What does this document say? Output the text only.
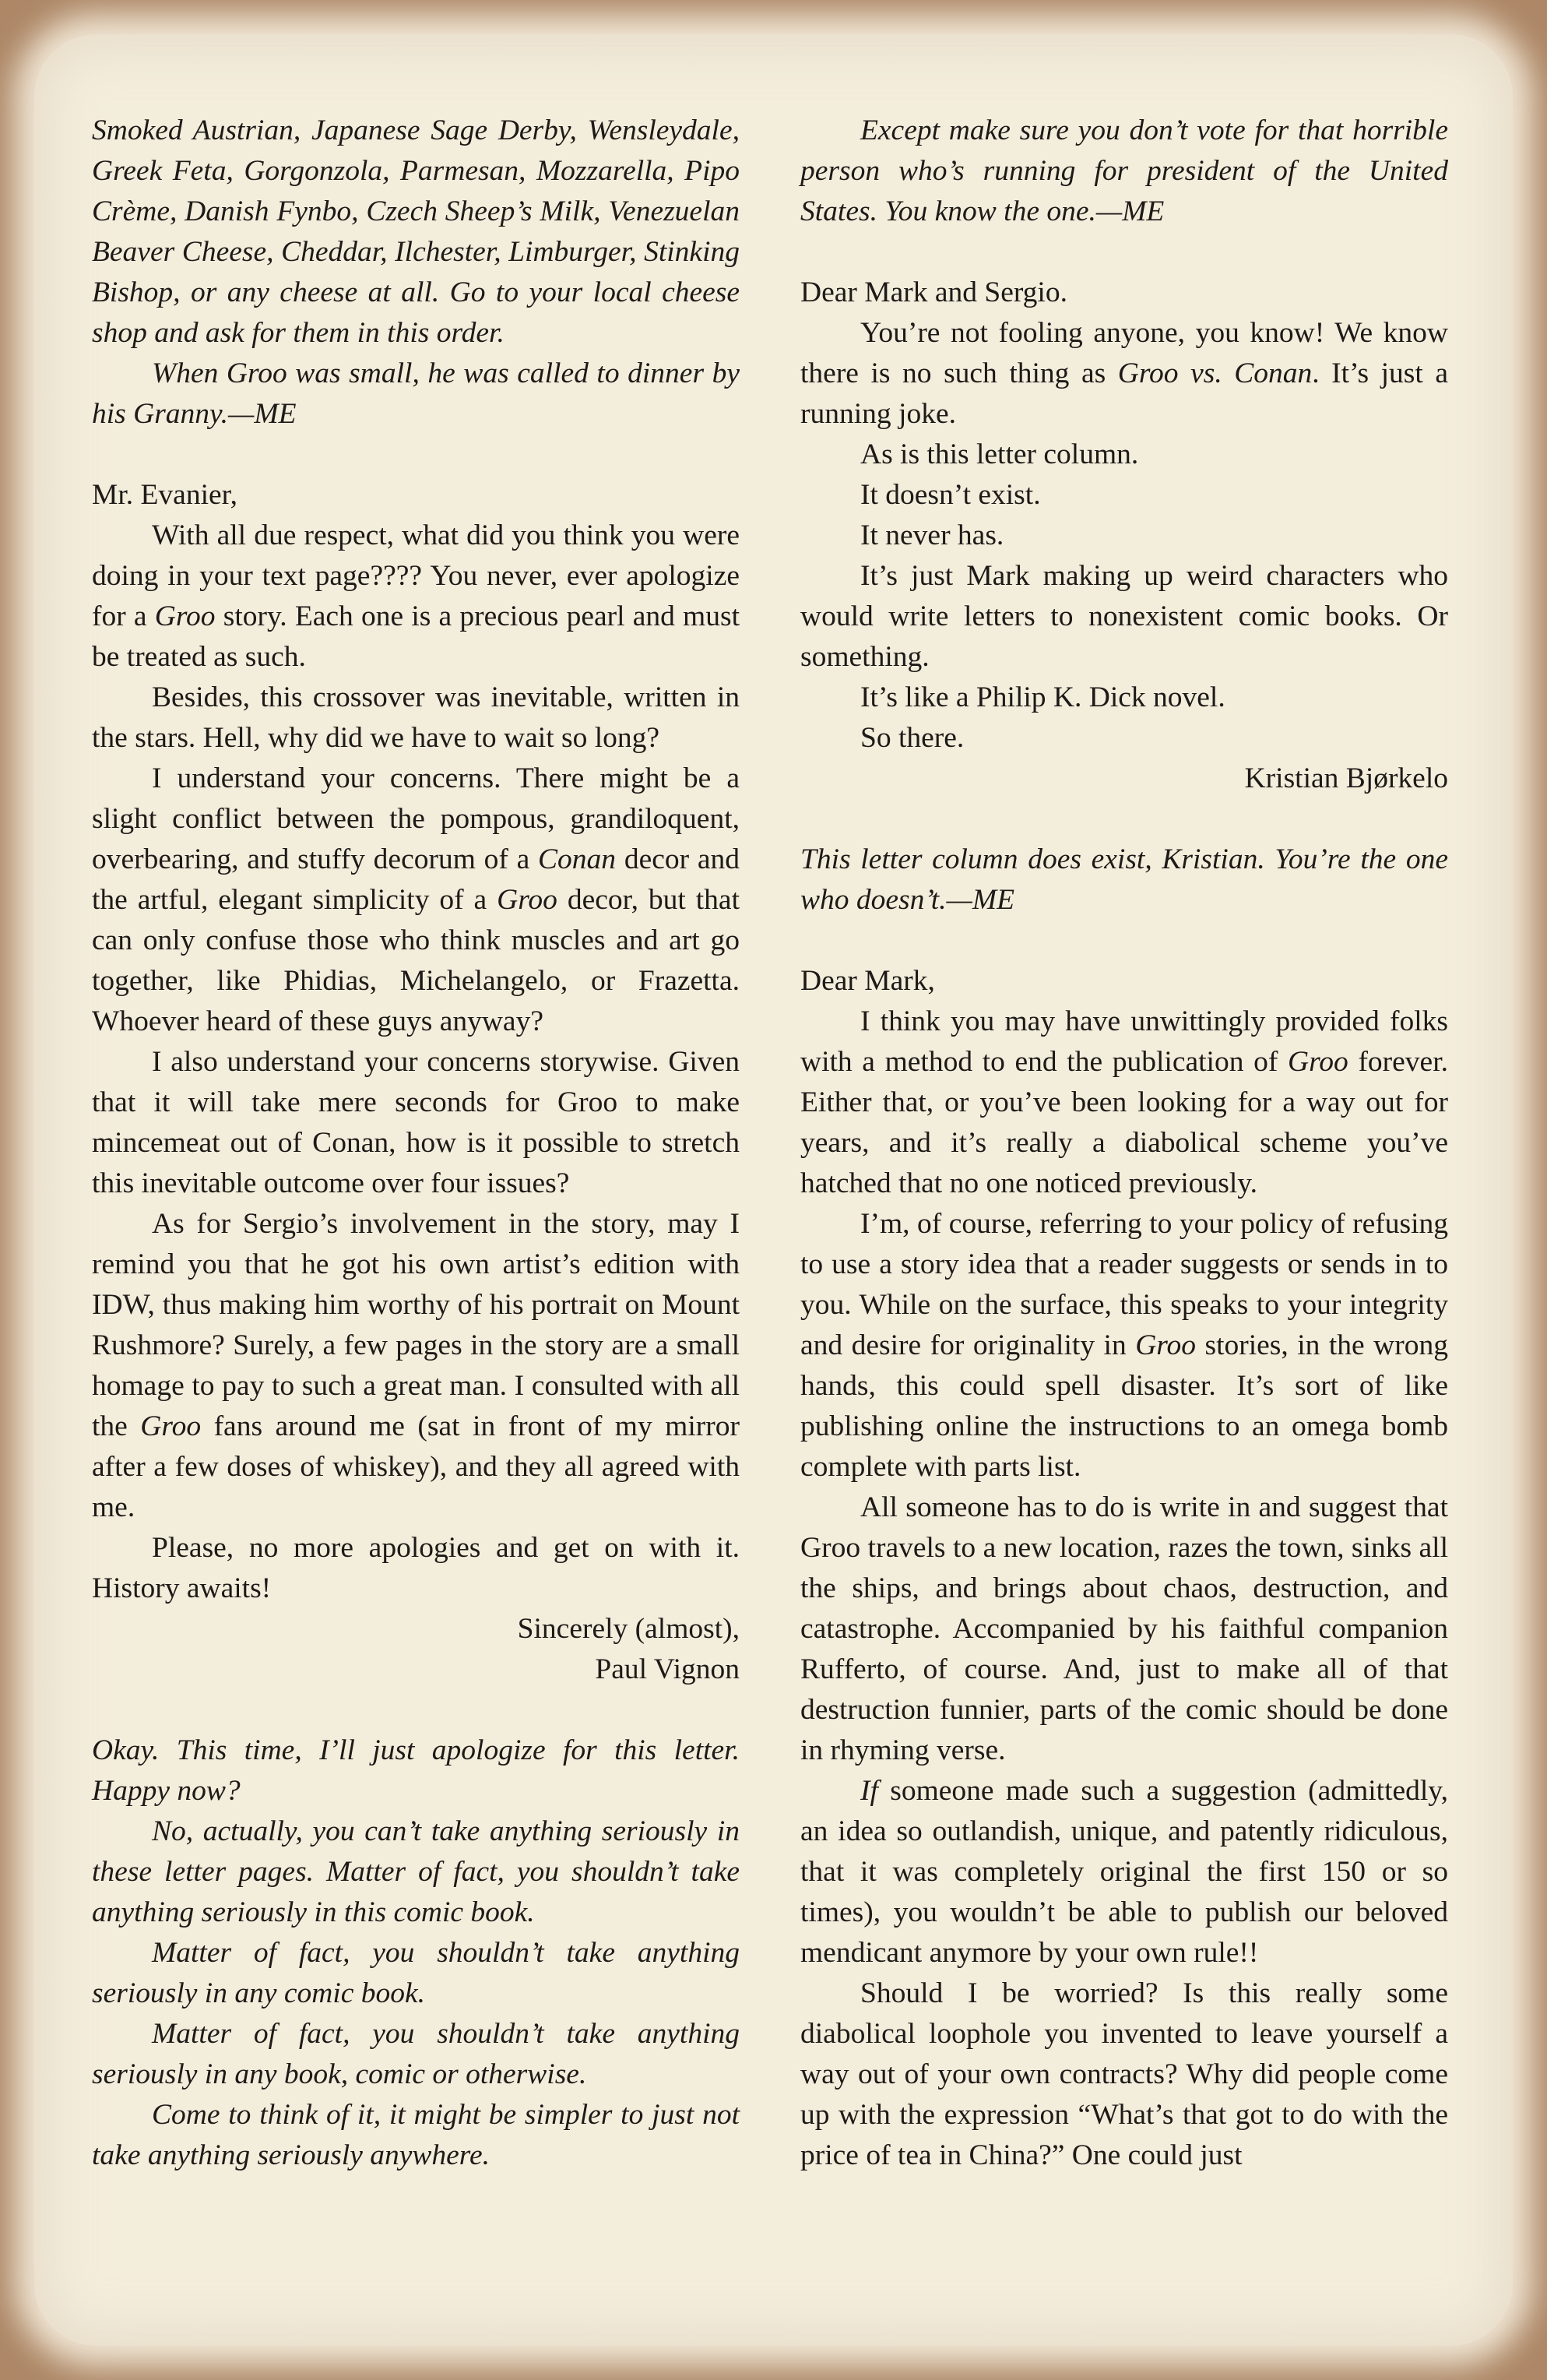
Smoked Austrian, Japanese Sage Derby, Wensleydale, Greek Feta, Gorgonzola, Parmesan, Mozzarella, Pipo Crème, Danish Fynbo, Czech Sheep’s Milk, Venezuelan Beaver Cheese, Cheddar, Ilchester, Limburger, Stinking Bishop, or any cheese at all. Go to your local cheese shop and ask for them in this order.

When Groo was small, he was called to dinner by his Granny.—ME

Mr. Evanier,

With all due respect, what did you think you were doing in your text page???? You never, ever apologize for a Groo story. Each one is a precious pearl and must be treated as such.

Besides, this crossover was inevitable, written in the stars. Hell, why did we have to wait so long?

I understand your concerns. There might be a slight conflict between the pompous, grandiloquent, overbearing, and stuffy decorum of a Conan decor and the artful, elegant simplicity of a Groo decor, but that can only confuse those who think muscles and art go together, like Phidias, Michelangelo, or Frazetta. Whoever heard of these guys anyway?

I also understand your concerns storywise. Given that it will take mere seconds for Groo to make mincemeat out of Conan, how is it possible to stretch this inevitable outcome over four issues?

As for Sergio’s involvement in the story, may I remind you that he got his own artist’s edition with IDW, thus making him worthy of his portrait on Mount Rushmore? Surely, a few pages in the story are a small homage to pay to such a great man. I consulted with all the Groo fans around me (sat in front of my mirror after a few doses of whiskey), and they all agreed with me.

Please, no more apologies and get on with it. History awaits!

Sincerely (almost),

Paul Vignon

Okay. This time, I’ll just apologize for this letter. Happy now?

No, actually, you can’t take anything seriously in these letter pages. Matter of fact, you shouldn’t take anything seriously in this comic book.

Matter of fact, you shouldn’t take anything seriously in any comic book.

Matter of fact, you shouldn’t take anything seriously in any book, comic or otherwise.

Come to think of it, it might be simpler to just not take anything seriously anywhere.

Except make sure you don’t vote for that horrible person who’s running for president of the United States. You know the one.—ME

Dear Mark and Sergio.

You’re not fooling anyone, you know! We know there is no such thing as Groo vs. Conan. It’s just a running joke.

As is this letter column.

It doesn’t exist.

It never has.

It’s just Mark making up weird characters who would write letters to nonexistent comic books. Or something.

It’s like a Philip K. Dick novel.

So there.

Kristian Bjørkelo

This letter column does exist, Kristian. You’re the one who doesn’t.—ME

Dear Mark,

I think you may have unwittingly provided folks with a method to end the publication of Groo forever. Either that, or you’ve been looking for a way out for years, and it’s really a diabolical scheme you’ve hatched that no one noticed previously.

I’m, of course, referring to your policy of refusing to use a story idea that a reader suggests or sends in to you. While on the surface, this speaks to your integrity and desire for originality in Groo stories, in the wrong hands, this could spell disaster. It’s sort of like publishing online the instructions to an omega bomb complete with parts list.

All someone has to do is write in and suggest that Groo travels to a new location, razes the town, sinks all the ships, and brings about chaos, destruction, and catastrophe. Accompanied by his faithful companion Rufferto, of course. And, just to make all of that destruction funnier, parts of the comic should be done in rhyming verse.

If someone made such a suggestion (admittedly, an idea so outlandish, unique, and patently ridiculous, that it was completely original the first 150 or so times), you wouldn’t be able to publish our beloved mendicant anymore by your own rule!!

Should I be worried? Is this really some diabolical loophole you invented to leave yourself a way out of your own contracts? Why did people come up with the expression “What’s that got to do with the price of tea in China?” One could just
